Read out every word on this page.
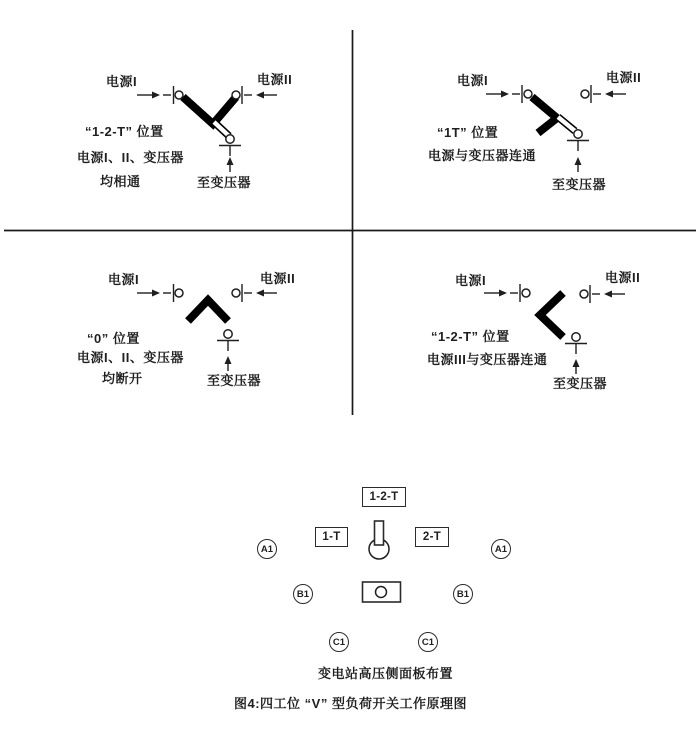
电源I	电源II
“1-2-T” 位置
电源I、II、变压器
均相通	至变压器
电源I	电源II
“1T” 位置
电源与变压器连通
至变压器
电源I	电源II
“0” 位置
电源I、II、变压器
均断开	至变压器
电源I	电源II
“1-2-T” 位置
电源III与变压器连通
至变压器
1-2-T
1-T	2-T
A1	A1
B1	B1
C1	C1
变电站高压侧面板布置
图4:四工位 “V” 型负荷开关工作原理图
